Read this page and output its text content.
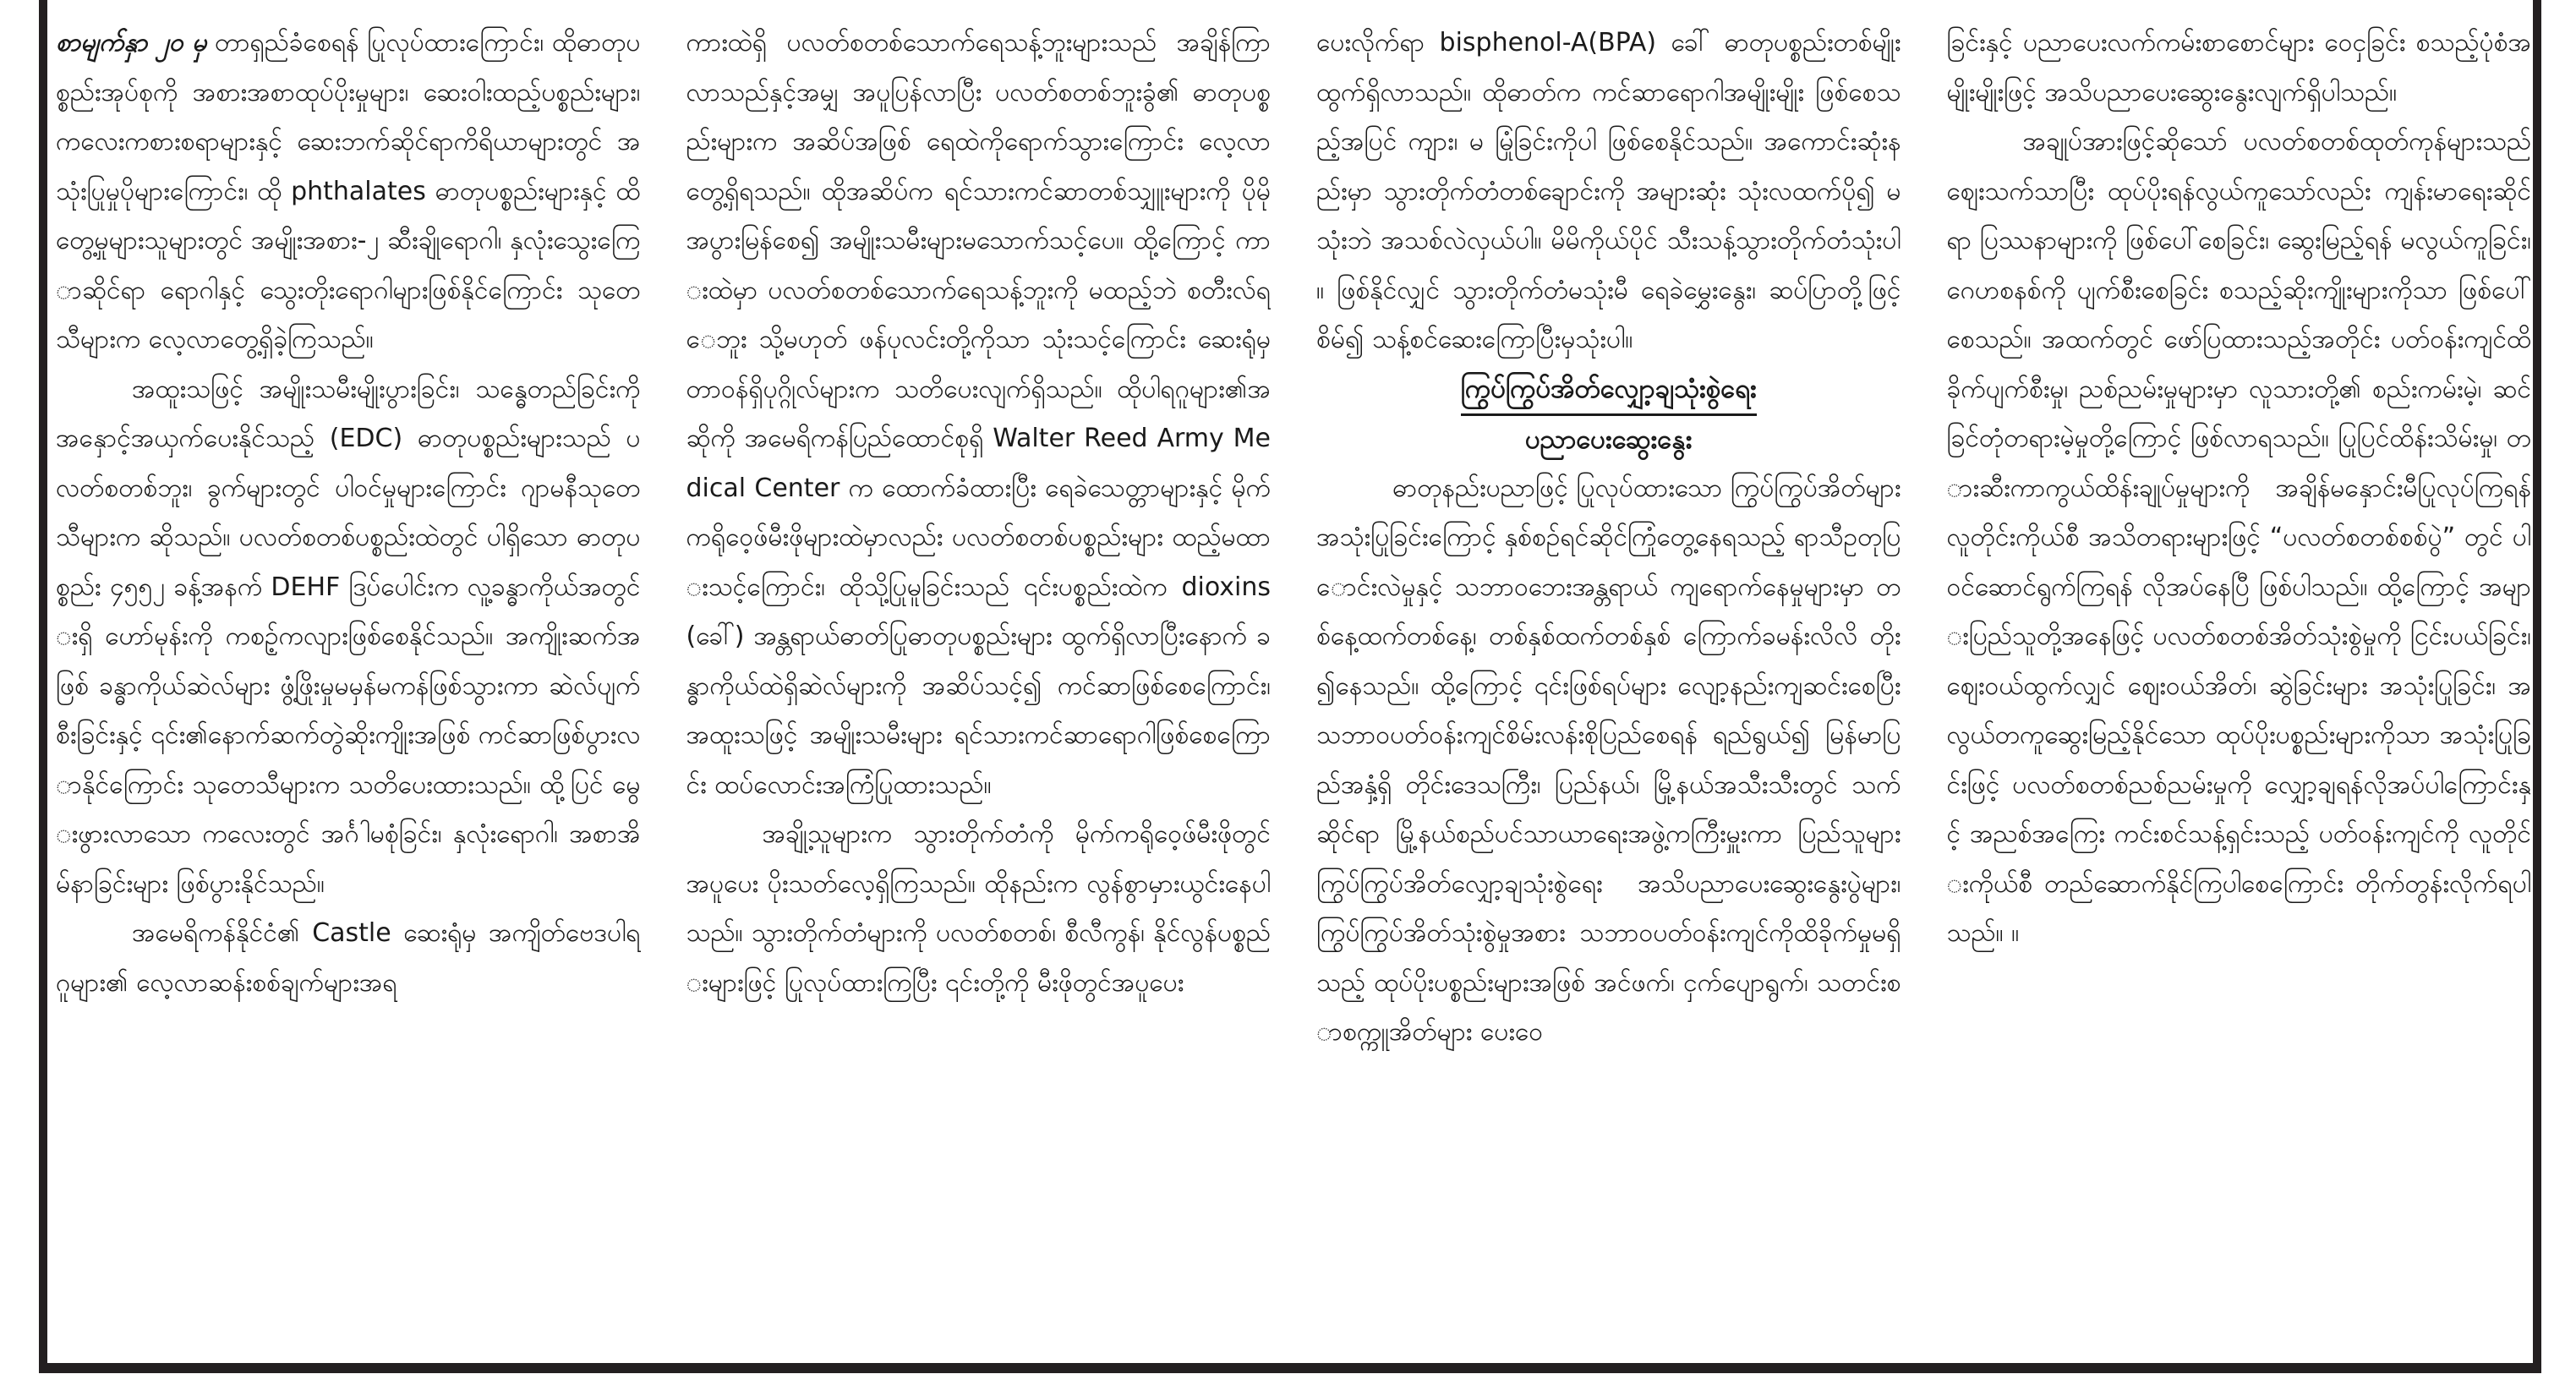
စာမျက်နှာ ၂၀ မှ တာရှည်ခံစေရန် ပြုလုပ်ထားကြောင်း၊ ထိုဓာတုပစ္စည်းအုပ်စုကို အစားအစာထုပ်ပိုးမှုများ၊ ဆေးဝါးထည့်ပစ္စည်းများ၊ ကလေးကစားစရာများနှင့် ဆေးဘက်ဆိုင်ရာကိရိယာများတွင် အသုံးပြုမှုပိုများကြောင်း၊ ထို phthalates ဓာတုပစ္စည်းများနှင့် ထိတွေ့မှုများသူများတွင် အမျိုးအစား-၂ ဆီးချိုရောဂါ၊ နှလုံးသွေးကြောဆိုင်ရာ ရောဂါနှင့် သွေးတိုးရောဂါများဖြစ်နိုင်ကြောင်း သုတေသီများက လေ့လာတွေ့ရှိခဲ့ကြသည်။

အထူးသဖြင့် အမျိုးသမီးမျိုးပွားခြင်း၊ သန္ဓေတည်ခြင်းကို အနှောင့်အယှက်ပေးနိုင်သည့် (EDC) ဓာတုပစ္စည်းများသည် ပလတ်စတစ်ဘူး၊ ခွက်များတွင် ပါဝင်မှုများကြောင်း ဂျာမနီသုတေသီများက ဆိုသည်။ ပလတ်စတစ်ပစ္စည်းထဲတွင် ပါရှိသော ဓာတုပစ္စည်း ၄၅၅၂ ခန့်အနက် DEHF ဒြပ်ပေါင်းက လူ့ခန္ဓာကိုယ်အတွင်းရှိ ဟော်မုန်းကို ကစဉ့်ကလျားဖြစ်စေနိုင်သည်။ အကျိုးဆက်အဖြစ် ခန္ဓာကိုယ်ဆဲလ်များ ဖွံ့ဖြိုးမှုမမှန်မကန်ဖြစ်သွားကာ ဆဲလ်ပျက်စီးခြင်းနှင့် ၎င်း၏နောက်ဆက်တွဲဆိုးကျိုးအဖြစ် ကင်ဆာဖြစ်ပွားလာနိုင်ကြောင်း သုတေသီများက သတိပေးထားသည်။ ထို့ပြင် မွေးဖွားလာသော ကလေးတွင် အင်္ဂါမစုံခြင်း၊ နှလုံးရောဂါ၊ အစာအိမ်နာခြင်းများ ဖြစ်ပွားနိုင်သည်။

အမေရိကန်နိုင်ငံ၏ Castle ဆေးရုံမှ အကျိတ်ဗေဒပါရဂူများ၏ လေ့လာဆန်းစစ်ချက်များအရ

ကားထဲရှိ ပလတ်စတစ်သောက်ရေသန့်ဘူးများသည် အချိန်ကြာလာသည်နှင့်အမျှ အပူပြန်လာပြီး ပလတ်စတစ်ဘူးခွံ၏ ဓာတုပစ္စည်းများက အဆိပ်အဖြစ် ရေထဲကိုရောက်သွားကြောင်း လေ့လာတွေ့ရှိရသည်။ ထိုအဆိပ်က ရင်သားကင်ဆာတစ်သျှူးများကို ပိုမိုအပွားမြန်စေ၍ အမျိုးသမီးများမသောက်သင့်ပေ။ ထို့ကြောင့် ကားထဲမှာ ပလတ်စတစ်သောက်ရေသန့်ဘူးကို မထည့်ဘဲ စတီးလ်ရေဘူး သို့မဟုတ် ဖန်ပုလင်းတို့ကိုသာ သုံးသင့်ကြောင်း ဆေးရုံမှ တာဝန်ရှိပုဂ္ဂိုလ်များက သတိပေးလျက်ရှိသည်။ ထိုပါရဂူများ၏အဆိုကို အမေရိကန်ပြည်ထောင်စုရှိ Walter Reed Army Medical Center က ထောက်ခံထားပြီး ရေခဲသေတ္တာများနှင့် မိုက်ကရိုဝေ့ဖ်မီးဖိုများထဲမှာလည်း ပလတ်စတစ်ပစ္စည်းများ ထည့်မထားသင့်ကြောင်း၊ ထိုသို့ပြုမူခြင်းသည် ၎င်းပစ္စည်းထဲက dioxins (ခေါ်) အန္တရာယ်ဓာတ်ပြုဓာတုပစ္စည်းများ ထွက်ရှိလာပြီးနောက် ခန္ဓာကိုယ်ထဲရှိဆဲလ်များကို အဆိပ်သင့်၍ ကင်ဆာဖြစ်စေကြောင်း၊ အထူးသဖြင့် အမျိုးသမီးများ ရင်သားကင်ဆာရောဂါဖြစ်စေကြောင်း ထပ်လောင်းအကြံပြုထားသည်။

အချို့သူများက သွားတိုက်တံကို မိုက်ကရိုဝေ့ဖ်မီးဖိုတွင် အပူပေး ပိုးသတ်လေ့ရှိကြသည်။ ထိုနည်းက လွန်စွာမှားယွင်းနေပါသည်။ သွားတိုက်တံများကို ပလတ်စတစ်၊ စီလီကွန်၊ နိုင်လွန်ပစ္စည်းများဖြင့် ပြုလုပ်ထားကြပြီး ၎င်းတို့ကို မီးဖိုတွင်အပူပေး

ပေးလိုက်ရာ bisphenol-A(BPA) ခေါ် ဓာတုပစ္စည်းတစ်မျိုးထွက်ရှိလာသည်။ ထိုဓာတ်က ကင်ဆာရောဂါအမျိုးမျိုး ဖြစ်စေသည့်အပြင် ကျား၊ မ မြုံခြင်းကိုပါ ဖြစ်စေနိုင်သည်။ အကောင်းဆုံးနည်းမှာ သွားတိုက်တံတစ်ချောင်းကို အများဆုံး သုံးလထက်ပို၍ မသုံးဘဲ အသစ်လဲလှယ်ပါ။ မိမိကိုယ်ပိုင် သီးသန့်သွားတိုက်တံသုံးပါ။ ဖြစ်နိုင်လျှင် သွားတိုက်တံမသုံးမီ ရေခဲမွှေးနွေး၊ ဆပ်ပြာတို့ဖြင့် စိမ်၍ သန့်စင်ဆေးကြောပြီးမှသုံးပါ။

ကြွပ်ကြွပ်အိတ်လျှော့ချသုံးစွဲရေး
ပညာပေးဆွေးနွေး

ဓာတုနည်းပညာဖြင့် ပြုလုပ်ထားသော ကြွပ်ကြွပ်အိတ်များ အသုံးပြုခြင်းကြောင့် နှစ်စဉ်ရင်ဆိုင်ကြုံတွေ့နေရသည့် ရာသီဥတုပြောင်းလဲမှုနှင့် သဘာဝဘေးအန္တရာယ် ကျရောက်နေမှုများမှာ တစ်နေ့ထက်တစ်နေ့၊ တစ်နှစ်ထက်တစ်နှစ် ကြောက်ခမန်းလိလိ တိုး၍နေသည်။ ထို့ကြောင့် ၎င်းဖြစ်ရပ်များ လျော့နည်းကျဆင်းစေပြီး သဘာဝပတ်ဝန်းကျင်စိမ်းလန်းစိုပြည်စေရန် ရည်ရွယ်၍ မြန်မာပြည်အနှံ့ရှိ တိုင်းဒေသကြီး၊ ပြည်နယ်၊ မြို့နယ်အသီးသီးတွင် သက်ဆိုင်ရာ မြို့နယ်စည်ပင်သာယာရေးအဖွဲ့ကကြီးမှူးကာ ပြည်သူများ ကြွပ်ကြွပ်အိတ်လျှော့ချသုံးစွဲရေး အသိပညာပေးဆွေးနွေးပွဲများ၊ ကြွပ်ကြွပ်အိတ်သုံးစွဲမှုအစား သဘာဝပတ်ဝန်းကျင်ကိုထိခိုက်မှုမရှိသည့် ထုပ်ပိုးပစ္စည်းများအဖြစ် အင်ဖက်၊ ငှက်ပျောရွက်၊ သတင်းစာစက္ကူအိတ်များ ပေးဝေ

ခြင်းနှင့် ပညာပေးလက်ကမ်းစာစောင်များ ဝေငှခြင်း စသည့်ပုံစံအမျိုးမျိုးဖြင့် အသိပညာပေးဆွေးနွေးလျက်ရှိပါသည်။

အချုပ်အားဖြင့်ဆိုသော် ပလတ်စတစ်ထုတ်ကုန်များသည် ဈေးသက်သာပြီး ထုပ်ပိုးရန်လွယ်ကူသော်လည်း ကျန်းမာရေးဆိုင်ရာ ပြဿနာများကို ဖြစ်ပေါ်စေခြင်း၊ ဆွေးမြည့်ရန် မလွယ်ကူခြင်း၊ ဂေဟစနစ်ကို ပျက်စီးစေခြင်း စသည့်ဆိုးကျိုးများကိုသာ ဖြစ်ပေါ်စေသည်။ အထက်တွင် ဖော်ပြထားသည့်အတိုင်း ပတ်ဝန်းကျင်ထိခိုက်ပျက်စီးမှု၊ ညစ်ညမ်းမှုများမှာ လူသားတို့၏ စည်းကမ်းမဲ့၊ ဆင်ခြင်တုံတရားမဲ့မှုတို့ကြောင့် ဖြစ်လာရသည်။ ပြုပြင်ထိန်းသိမ်းမှု၊ တားဆီးကာကွယ်ထိန်းချုပ်မှုများကို အချိန်မနှောင်းမီပြုလုပ်ကြရန် လူတိုင်းကိုယ်စီ အသိတရားများဖြင့် “ပလတ်စတစ်စစ်ပွဲ” တွင် ပါဝင်ဆောင်ရွက်ကြရန် လိုအပ်နေပြီ ဖြစ်ပါသည်။ ထို့ကြောင့် အများပြည်သူတို့အနေဖြင့် ပလတ်စတစ်အိတ်သုံးစွဲမှုကို ငြင်းပယ်ခြင်း၊ ဈေးဝယ်ထွက်လျှင် ဈေးဝယ်အိတ်၊ ဆွဲခြင်းများ အသုံးပြုခြင်း၊ အလွယ်တကူဆွေးမြည့်နိုင်သော ထုပ်ပိုးပစ္စည်းများကိုသာ အသုံးပြုခြင်းဖြင့် ပလတ်စတစ်ညစ်ညမ်းမှုကို လျှော့ချရန်လိုအပ်ပါကြောင်းနှင့် အညစ်အကြေး ကင်းစင်သန့်ရှင်းသည့် ပတ်ဝန်းကျင်ကို လူတိုင်းကိုယ်စီ တည်ဆောက်နိုင်ကြပါစေကြောင်း တိုက်တွန်းလိုက်ရပါသည်။ ။
